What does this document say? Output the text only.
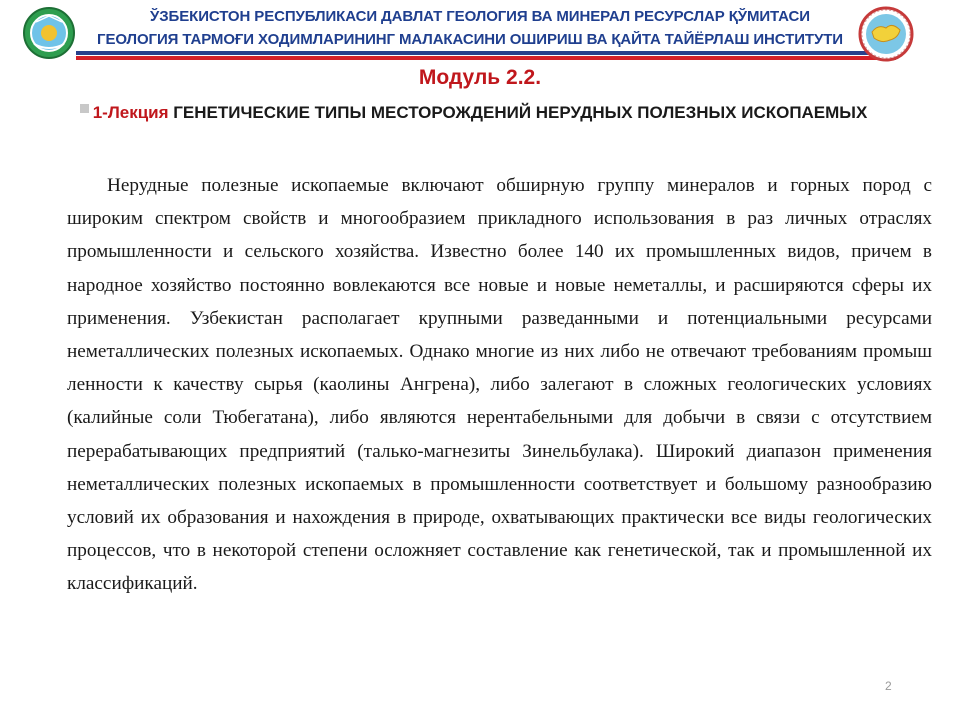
ЎЗБЕКИСТОН РЕСПУБЛИКАСИ ДАВЛАТ ГЕОЛОГИЯ ВА МИНЕРАЛ РЕСУРСЛАР ҚЎМИТАСИ
ГЕОЛОГИЯ ТАРМОҒИ ХОДИМЛАРИНИНГ МАЛАКАСИНИ ОШИРИШ ВА ҚАЙТА ТАЙЁРЛАШ ИНСТИТУТИ
Модуль 2.2.
1-Лекция ГЕНЕТИЧЕСКИЕ ТИПЫ МЕСТОРОЖДЕНИЙ НЕРУДНЫХ ПОЛЕЗНЫХ ИСКОПАЕМЫХ

Нерудные полезные ископаемые включают обширную группу минералов и горных пород с широким спектром свойств и многообразием прикладного использования в раз личных отраслях промышленности и сельского хозяйства. Известно более 140 их промышленных видов, причем в народное хозяйство постоянно вовлекаются все новые и новые неметаллы, и расширяются сферы их применения. Узбекистан располагает крупными разведанными и потенциальными ресурсами неметаллических полезных ископаемых. Однако многие из них либо не отвечают требованиям промыш ленности к качеству сырья (каолины Ангрена), либо залегают в сложных геологических условиях (калийные соли Тюбегатана), либо являются нерентабельными для добычи в связи с отсутствием перерабатывающих предприятий (талько-магнезиты Зинельбулака). Широкий диапазон применения неметаллических полезных ископаемых в промышленности соответствует и большому разнообразию условий их образования и нахождения в природе, охватывающих практически все виды геологических процессов, что в некоторой степени осложняет составление как генетической, так и промышленной их классификаций.

2
